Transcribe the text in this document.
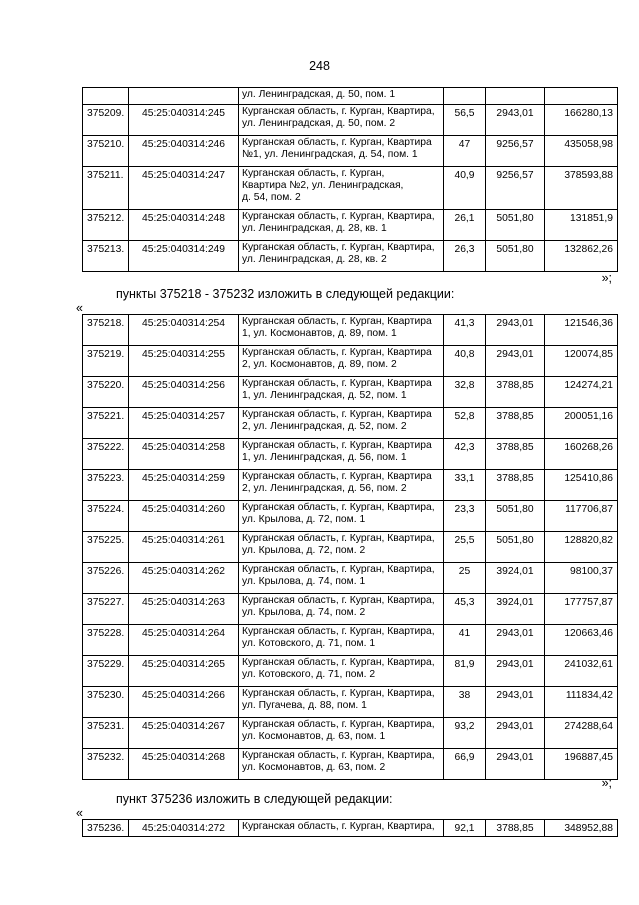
248

		ул. Ленинградская, д. 50, пом. 1			

375209.	45:25:040314:245	Курганская область, г. Курган, Квартира,
ул. Ленинградская, д. 50, пом. 2	56,5	2943,01	166280,13
375210.	45:25:040314:246	Курганская область, г. Курган, Квартира
№1, ул. Ленинградская, д. 54, пом. 1	47	9256,57	435058,98
375211.	45:25:040314:247	Курганская область, г. Курган,
Квартира №2, ул. Ленинградская,
д. 54, пом. 2	40,9	9256,57	378593,88
375212.	45:25:040314:248	Курганская область, г. Курган, Квартира,
ул. Ленинградская, д. 28, кв. 1	26,1	5051,80	131851,9
375213.	45:25:040314:249	Курганская область, г. Курган, Квартира,
ул. Ленинградская, д. 28, кв. 2	26,3	5051,80	132862,26
»;
пункты 375218 - 375232 изложить в следующей редакции:
«
375218.	45:25:040314:254	Курганская область, г. Курган, Квартира
1, ул. Космонавтов, д. 89, пом. 1	41,3	2943,01	121546,36
375219.	45:25:040314:255	Курганская область, г. Курган, Квартира
2, ул. Космонавтов, д. 89, пом. 2	40,8	2943,01	120074,85
375220.	45:25:040314:256	Курганская область, г. Курган, Квартира
1, ул. Ленинградская, д. 52, пом. 1	32,8	3788,85	124274,21
375221.	45:25:040314:257	Курганская область, г. Курган, Квартира
2, ул. Ленинградская, д. 52, пом. 2	52,8	3788,85	200051,16
375222.	45:25:040314:258	Курганская область, г. Курган, Квартира
1, ул. Ленинградская, д. 56, пом. 1	42,3	3788,85	160268,26
375223.	45:25:040314:259	Курганская область, г. Курган, Квартира
2, ул. Ленинградская, д. 56, пом. 2	33,1	3788,85	125410,86
375224.	45:25:040314:260	Курганская область, г. Курган, Квартира,
ул. Крылова, д. 72, пом. 1	23,3	5051,80	117706,87
375225.	45:25:040314:261	Курганская область, г. Курган, Квартира,
ул. Крылова, д. 72, пом. 2	25,5	5051,80	128820,82
375226.	45:25:040314:262	Курганская область, г. Курган, Квартира,
ул. Крылова, д. 74, пом. 1	25	3924,01	98100,37
375227.	45:25:040314:263	Курганская область, г. Курган, Квартира,
ул. Крылова, д. 74, пом. 2	45,3	3924,01	177757,87
375228.	45:25:040314:264	Курганская область, г. Курган, Квартира,
ул. Котовского, д. 71, пом. 1	41	2943,01	120663,46
375229.	45:25:040314:265	Курганская область, г. Курган, Квартира,
ул. Котовского, д. 71, пом. 2	81,9	2943,01	241032,61
375230.	45:25:040314:266	Курганская область, г. Курган, Квартира,
ул. Пугачева, д. 88, пом. 1	38	2943,01	111834,42
375231.	45:25:040314:267	Курганская область, г. Курган, Квартира,
ул. Космонавтов, д. 63, пом. 1	93,2	2943,01	274288,64
375232.	45:25:040314:268	Курганская область, г. Курган, Квартира,
ул. Космонавтов, д. 63, пом. 2	66,9	2943,01	196887,45
»;
пункт 375236 изложить в следующей редакции:
«
375236.	45:25:040314:272	Курганская область, г. Курган, Квартира,	92,1	3788,85	348952,88
